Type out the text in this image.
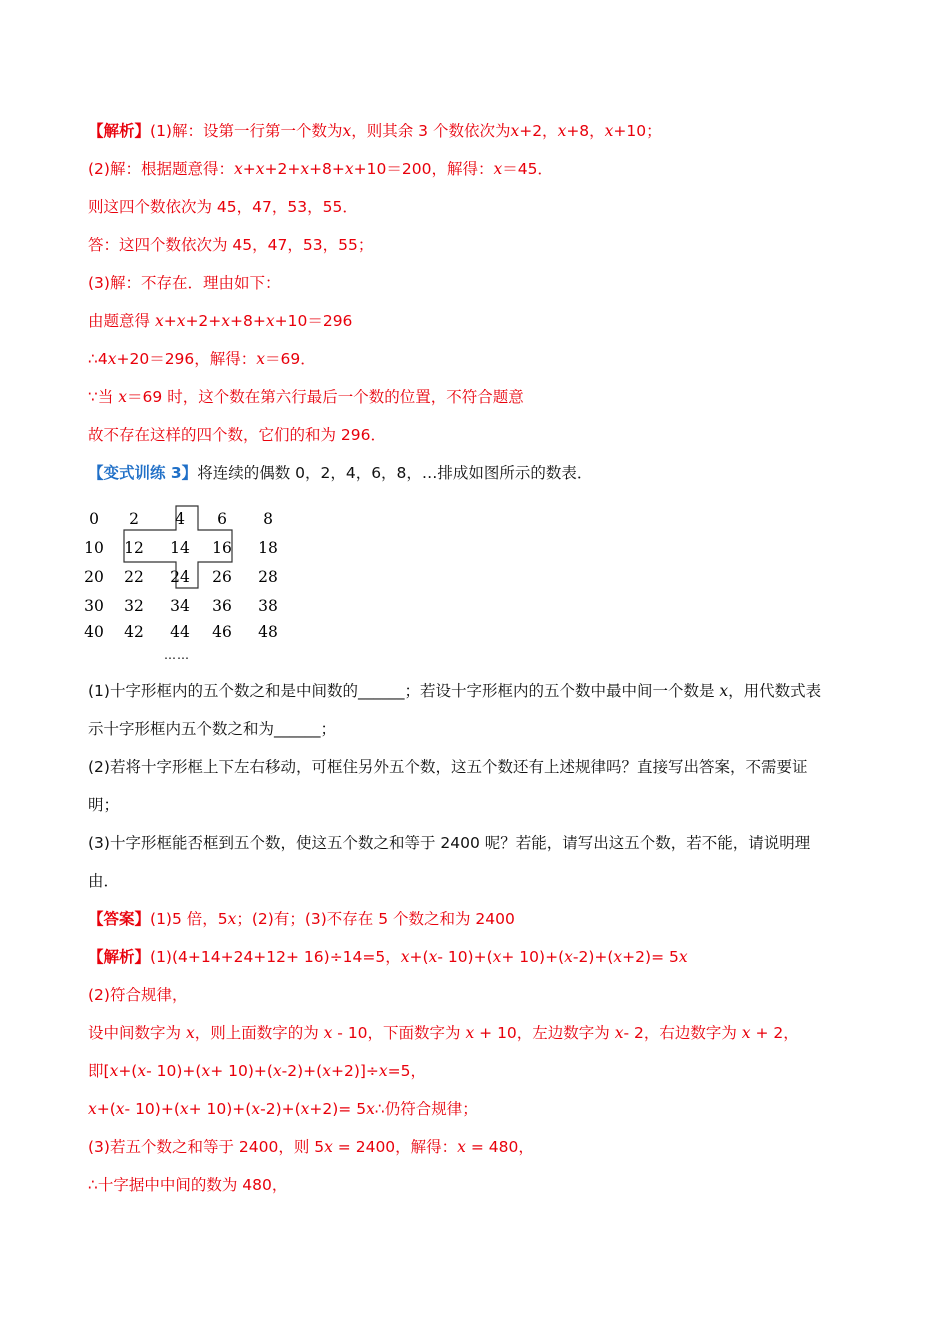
【解析】(1)解：设第一行第一个数为x，则其余 3 个数依次为x+2，x+8，x+10；
(2)解：根据题意得：x+x+2+x+8+x+10＝200，解得：x＝45．
则这四个数依次为 45，47，53，55．
答：这四个数依次为 45，47，53，55；
(3)解：不存在．理由如下：
由题意得 x+x+2+x+8+x+10＝296
∴4x+20＝296，解得：x＝69．
∵当 x＝69 时，这个数在第六行最后一个数的位置，不符合题意
故不存在这样的四个数，它们的和为 296．
【变式训练 3】将连续的偶数 0，2，4，6，8，…排成如图所示的数表．
(1)十字形框内的五个数之和是中间数的______；若设十字形框内的五个数中最中间一个数是 x，用代数式表
示十字形框内五个数之和为______；
(2)若将十字形框上下左右移动，可框住另外五个数，这五个数还有上述规律吗？直接写出答案，不需要证
明；
(3)十字形框能否框到五个数，使这五个数之和等于 2400 呢？若能，请写出这五个数，若不能，请说明理
由．
【答案】(1)5 倍，5x；(2)有；(3)不存在 5 个数之和为 2400
【解析】(1)(4+14+24+12+ 16)÷14=5，x+(x- 10)+(x+ 10)+(x-2)+(x+2)= 5x
(2)符合规律，
设中间数字为 x，则上面数字的为 x - 10，下面数字为 x + 10，左边数字为 x- 2，右边数字为 x + 2，
即[x+(x- 10)+(x+ 10)+(x-2)+(x+2)]÷x=5，
x+(x- 10)+(x+ 10)+(x-2)+(x+2)= 5x∴仍符合规律；
(3)若五个数之和等于 2400，则 5x = 2400，解得：x = 480，
∴十字据中中间的数为 480，
0	2	4	6	8
10	12	14	16	18
20	22	24	26	28
30	32	34	36	38
40	42	44	46	48
……
